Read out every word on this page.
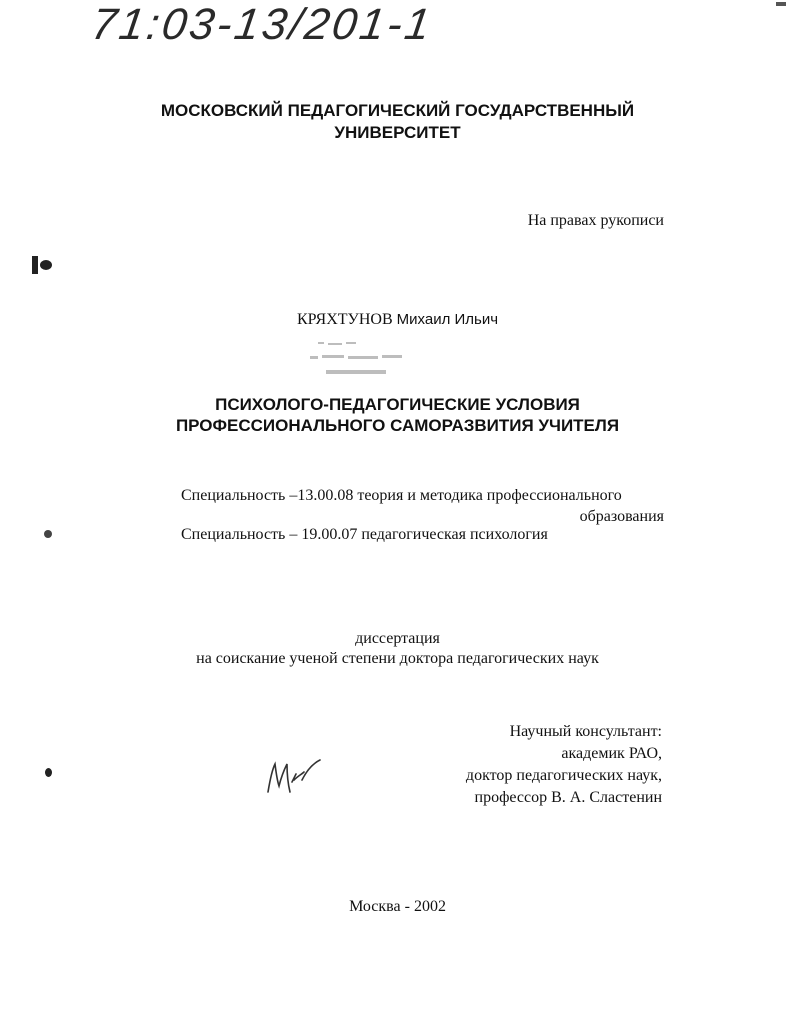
71:03-13/201-1
МОСКОВСКИЙ ПЕДАГОГИЧЕСКИЙ ГОСУДАРСТВЕННЫЙ
УНИВЕРСИТЕТ
На правах рукописи
КРЯХТУНОВ Михаил Ильич
ПСИХОЛОГО-ПЕДАГОГИЧЕСКИЕ УСЛОВИЯ
ПРОФЕССИОНАЛЬНОГО САМОРАЗВИТИЯ УЧИТЕЛЯ
Специальность –13.00.08 теория и методика профессионального
образования
Специальность – 19.00.07 педагогическая психология
диссертация
на соискание ученой степени доктора педагогических наук
Научный консультант:
академик РАО,
доктор педагогических наук,
профессор В. А. Сластенин
Москва - 2002
